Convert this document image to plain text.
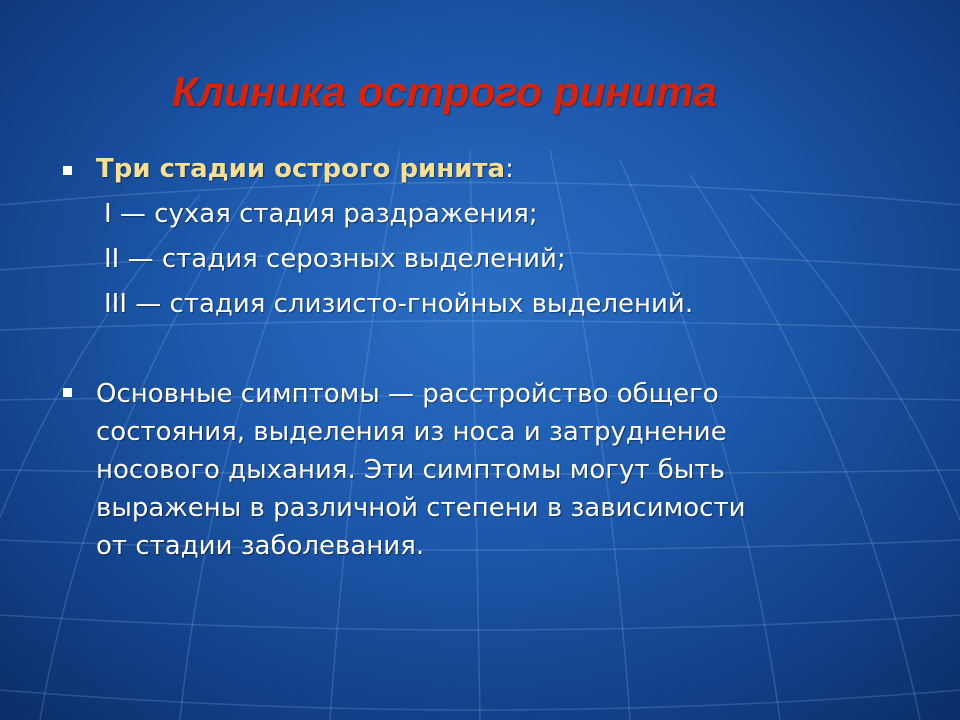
Клиника острого ринита

Три стадии острого ринита:

I — сухая стадия раздражения;

II — стадия серозных выделений;

III — стадия слизисто-гнойных выделений.

Основные симптомы — расстройство общего
состояния, выделения из носа и затруднение
носового дыхания. Эти симптомы могут быть
выражены в различной степени в зависимости
от стадии заболевания.
